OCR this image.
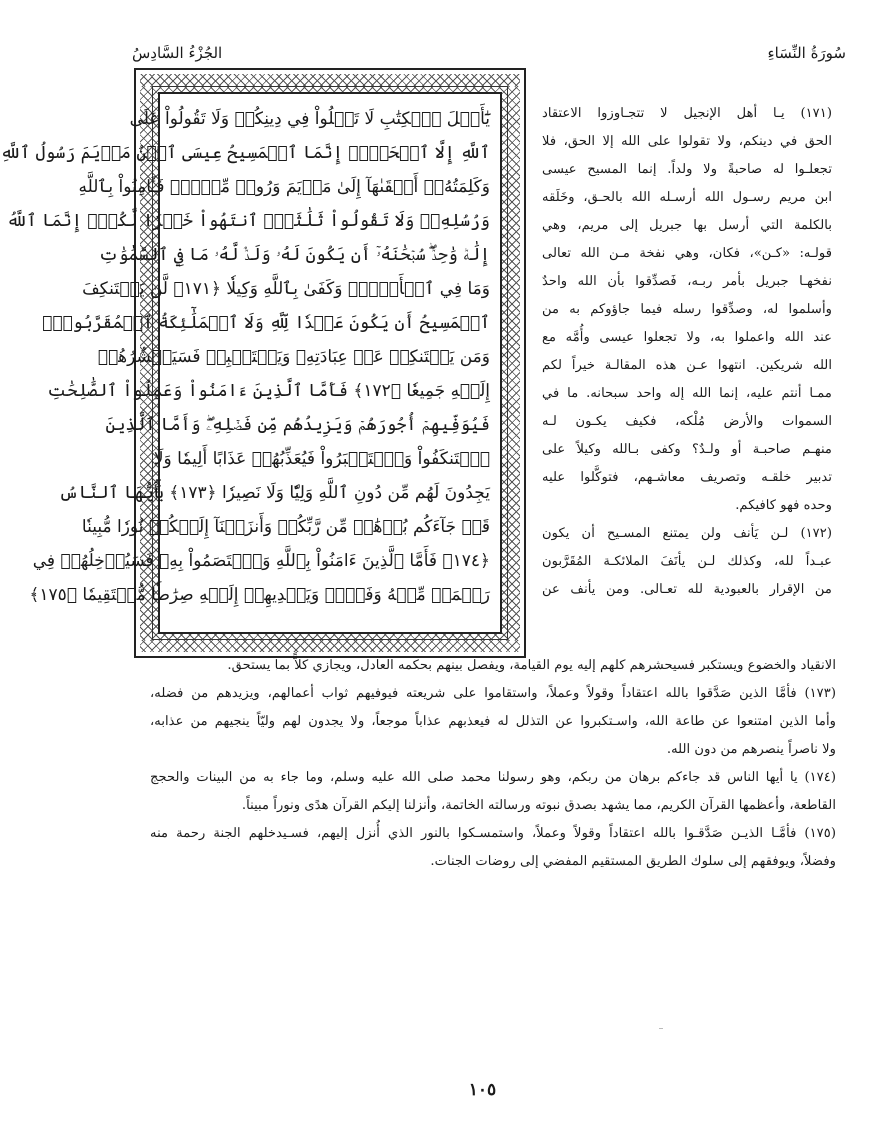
سُورَةُ النِّسَاءِ
الجُزْءُ السَّادِسُ
يَٰٓأَهۡلَ ٱلۡكِتَٰبِ لَا تَغۡلُواْ فِي دِينِكُمۡ وَلَا تَقُولُواْ عَلَى
ٱللَّهِ إِلَّا ٱلۡحَقَّۚ إِنَّمَا ٱلۡمَسِيحُ عِيسَى ٱبۡنُ مَرۡيَمَ رَسُولُ ٱللَّهِ
وَكَلِمَتُهُۥٓ أَلۡقَىٰهَآ إِلَىٰ مَرۡيَمَ وَرُوحٞ مِّنۡهُۖ فَـَٔامِنُواْ بِٱللَّهِ
وَرُسُلِهِۦۖ وَلَا تَقُولُواْ ثَلَٰثَةٌۚ ٱنتَهُواْ خَيۡرٗا لَّكُمۡۚ إِنَّمَا ٱللَّهُ
إِلَٰهٞ وَٰحِدٞۖ سُبۡحَٰنَهُۥٓ أَن يَكُونَ لَهُۥ وَلَدٞۘ لَّهُۥ مَا فِي ٱلسَّمَٰوَٰتِ
وَمَا فِي ٱلۡأَرۡضِۗ وَكَفَىٰ بِٱللَّهِ وَكِيلٗا ﴿١٧١﴾ لَّن يَسۡتَنكِفَ
ٱلۡمَسِيحُ أَن يَكُونَ عَبۡدٗا لِّلَّهِ وَلَا ٱلۡمَلَٰٓئِكَةُ ٱلۡمُقَرَّبُونَۚ
وَمَن يَسۡتَنكِفۡ عَنۡ عِبَادَتِهِۦ وَيَسۡتَكۡبِرۡ فَسَيَحۡشُرُهُمۡ
إِلَيۡهِ جَمِيعٗا ﴿١٧٢﴾ فَأَمَّا ٱلَّذِينَ ءَامَنُواْ وَعَمِلُواْ ٱلصَّٰلِحَٰتِ
فَيُوَفِّيهِمۡ أُجُورَهُمۡ وَيَزِيدُهُم مِّن فَضۡلِهِۦۖ وَأَمَّا ٱلَّذِينَ
ٱسۡتَنكَفُواْ وَٱسۡتَكۡبَرُواْ فَيُعَذِّبُهُمۡ عَذَابًا أَلِيمٗا وَلَا
يَجِدُونَ لَهُم مِّن دُونِ ٱللَّهِ وَلِيّٗا وَلَا نَصِيرٗا ﴿١٧٣﴾ يَٰٓأَيُّهَا ٱلنَّاسُ
قَدۡ جَآءَكُم بُرۡهَٰنٞ مِّن رَّبِّكُمۡ وَأَنزَلۡنَآ إِلَيۡكُمۡ نُورٗا مُّبِينٗا
﴿١٧٤﴾ فَأَمَّا ٱلَّذِينَ ءَامَنُواْ بِٱللَّهِ وَٱعۡتَصَمُواْ بِهِۦ فَسَيُدۡخِلُهُمۡ فِي
رَحۡمَةٖ مِّنۡهُ وَفَضۡلٖ وَيَهۡدِيهِمۡ إِلَيۡهِ صِرَٰطٗا مُّسۡتَقِيمٗا ﴿١٧٥﴾
(١٧١) يـا أهل الإنجيل لا تتجـاوزوا الاعتقاد
الحق في دينكم، ولا تقولوا على الله إلا الحق، فلا
تجعلـوا له صاحبةً ولا ولداً. إنما المسيح عيسى
ابن مريم رسـول الله أرسـله الله بالحـق، وخَلَقه
بالكلمة التي أرسل بها جبريل إلى مريم، وهي
قولـه: «كـن»، فكان، وهي نفخة مـن الله تعالى
نفخهـا جبريل بأمر ربـه، فَصدِّقوا بأن الله واحدٌ
وأسلموا له، وصدِّقوا رسله فيما جاؤوكم به من
عند الله واعملوا به، ولا تجعلوا عيسى وأُمَّه مع
الله شريكين. انتهوا عـن هذه المقالـة خيراً لكم
ممـا أنتم عليه، إنما الله إله واحد سبحانه. ما في
السموات والأرض مُلْكه، فكيف يكـون لـه
منهـم صاحبـة أو ولـدٌ؟ وكفى بـالله وكيلاً على
تدبير خلقـه وتصريف معاشـهم، فتوكَّلوا عليه
وحده فهو كافيكم.
(١٧٢) لـن يَأنف ولن يمتنع المسـيح أن يكون
عبـداً لله، وكذلك لـن يأنَفَ الملائكـة المُقَرَّبون
من الإقرار بالعبودية لله تعـالى. ومن يأنف عن
الانقياد والخضوع ويستكبر فسيحشرهم كلهم إليه يوم القيامة، ويفصل بينهم بحكمه العادل، ويجازي كلاًّ بما يستحق.
(١٧٣) فأمَّا الذين صَدَّقوا بالله اعتقاداً وقولاً وعملاً، واستقاموا على شريعته فيوفيهم ثواب أعمالهم، ويزيدهم من فضله،
وأما الذين امتنعوا عن طاعة الله، واسـتكبروا عن التذلل له فيعذبهم عذاباً موجعاً، ولا يجدون لهم وليّاً ينجيهم من عذابه،
ولا ناصراً ينصرهم من دون الله.
(١٧٤) يا أيها الناس قد جاءكم برهان من ربكم، وهو رسولنا محمد صلى الله عليه وسلم، وما جاء به من البينات والحجج
القاطعة، وأعظمها القرآن الكريم، مما يشهد بصدق نبوته ورسالته الخاتمة، وأنزلنا إليكم القرآن هدًى ونوراً مبيناً.
(١٧٥) فأمَّـا الذيـن صَدَّقـوا بالله اعتقاداً وقولاً وعملاً، واستمسـكوا بالنور الذي أُنزل إليهم، فسـيدخلهم الجنة رحمة منه
وفضلاً، ويوفقهم إلى سلوك الطريق المستقيم المفضي إلى روضات الجنات.
١٠٥
